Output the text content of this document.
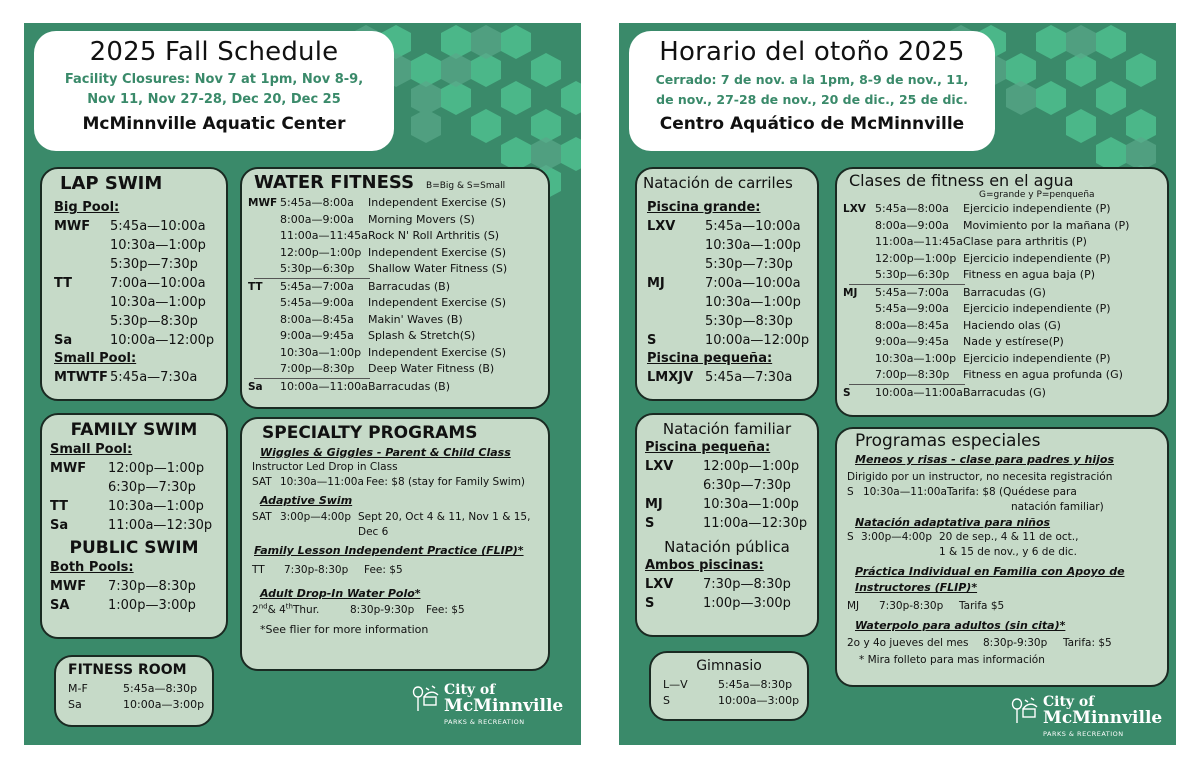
2025 Fall Schedule
Facility Closures: Nov 7 at 1pm, Nov 8-9,
Nov 11, Nov 27-28, Dec 20, Dec 25
McMinnville Aquatic Center
LAP SWIM
Big Pool:
MWF	5:45a—10:00a
10:30a—1:00p
5:30p—7:30p
TT	7:00a—10:00a
10:30a—1:00p
5:30p—8:30p
Sa	10:00a—12:00p
Small Pool:
MTWTF 5:45a—7:30a
WATER FITNESS B=Big & S=Small
MWF 5:45a—8:00a	Independent Exercise (S)
8:00a—9:00a	Morning Movers (S)
11:00a—11:45a Rock N' Roll Arthritis (S)
12:00p—1:00p Independent Exercise (S)
5:30p—6:30p	Shallow Water Fitness (S)
TT	5:45a—7:00a	Barracudas (B)
5:45a—9:00a	Independent Exercise (S)
8:00a—8:45a	Makin' Waves (B)
9:00a—9:45a	Splash & Stretch(S)
10:30a—1:00p Independent Exercise (S)
7:00p—8:30p	Deep Water Fitness (B)
Sa	10:00a—11:00a Barracudas (B)
FAMILY SWIM
Small Pool:
MWF	12:00p—1:00p
6:30p—7:30p
TT	10:30a—1:00p
Sa	11:00a—12:30p
PUBLIC SWIM
Both Pools:
MWF	7:30p—8:30p
SA	1:00p—3:00p
SPECIALTY PROGRAMS
Wiggles & Giggles - Parent & Child Class
Instructor Led Drop in Class
SAT 10:30a—11:00a Fee: $8 (stay for Family Swim)
Adaptive Swim
SAT 3:00p—4:00p Sept 20, Oct 4 & 11, Nov 1 & 15,
Dec 6
Family Lesson Independent Practice (FLIP)*
TT 7:30p-8:30p Fee: $5
Adult Drop-In Water Polo*
2nd& 4thThur.	8:30p-9:30p Fee: $5
*See flier for more information
FITNESS ROOM
M-F	5:45a—8:30p
Sa	10:00a—3:00p
City of
McMinnville
PARKS & RECREATION
Horario del otoño 2025
Cerrado: 7 de nov. a la 1pm, 8-9 de nov., 11,
de nov., 27-28 de nov., 20 de dic., 25 de dic.
Centro Aquático de McMinnville
Natación de carriles
Piscina grande:
LXV	5:45a—10:00a
10:30a—1:00p
5:30p—7:30p
MJ	7:00a—10:00a
10:30a—1:00p
5:30p—8:30p
S	10:00a—12:00p
Piscina pequeña:
LMXJV 5:45a—7:30a
Clases de fitness en el agua
G=grande y P=penqueña
LXV 5:45a—8:00a	Ejercicio independiente (P)
8:00a—9:00a	Movimiento por la mañana (P)
11:00a—11:45a Clase para arthritis (P)
12:00p—1:00p Ejercicio independiente (P)
5:30p—6:30p	Fitness en agua baja (P)
MJ	5:45a—7:00a	Barracudas (G)
5:45a—9:00a	Ejercicio independiente (P)
8:00a—8:45a	Haciendo olas (G)
9:00a—9:45a	Nade y estírese(P)
10:30a—1:00p Ejercicio independiente (P)
7:00p—8:30p	Fitness en agua profunda (G)
S	10:00a—11:00a Barracudas (G)
Natación familiar
Piscina pequeña:
LXV	12:00p—1:00p
6:30p—7:30p
MJ	10:30a—1:00p
S	11:00a—12:30p
Natación pública
Ambos piscinas:
LXV	7:30p—8:30p
S	1:00p—3:00p
Programas especiales
Meneos y risas - clase para padres y hijos
Dirigido por un instructor, no necesita registración
S 10:30a—11:00aTarifa: $8 (Quédese para
natación familiar)
Natación adaptativa para niños
S 3:00p—4:00p 20 de sep., 4 & 11 de oct.,
1 & 15 de nov., y 6 de dic.
Práctica Individual en Familia con Apoyo de
Instructores (FLIP)*
MJ 7:30p-8:30p Tarifa $5
Waterpolo para adultos (sin cita)*
2o y 4o jueves del mes 8:30p-9:30p Tarifa: $5
* Mira folleto para mas información
Gimnasio
L—V	5:45a—8:30p
S	10:00a—3:00p	City of
McMinnville
PARKS & RECREATION
